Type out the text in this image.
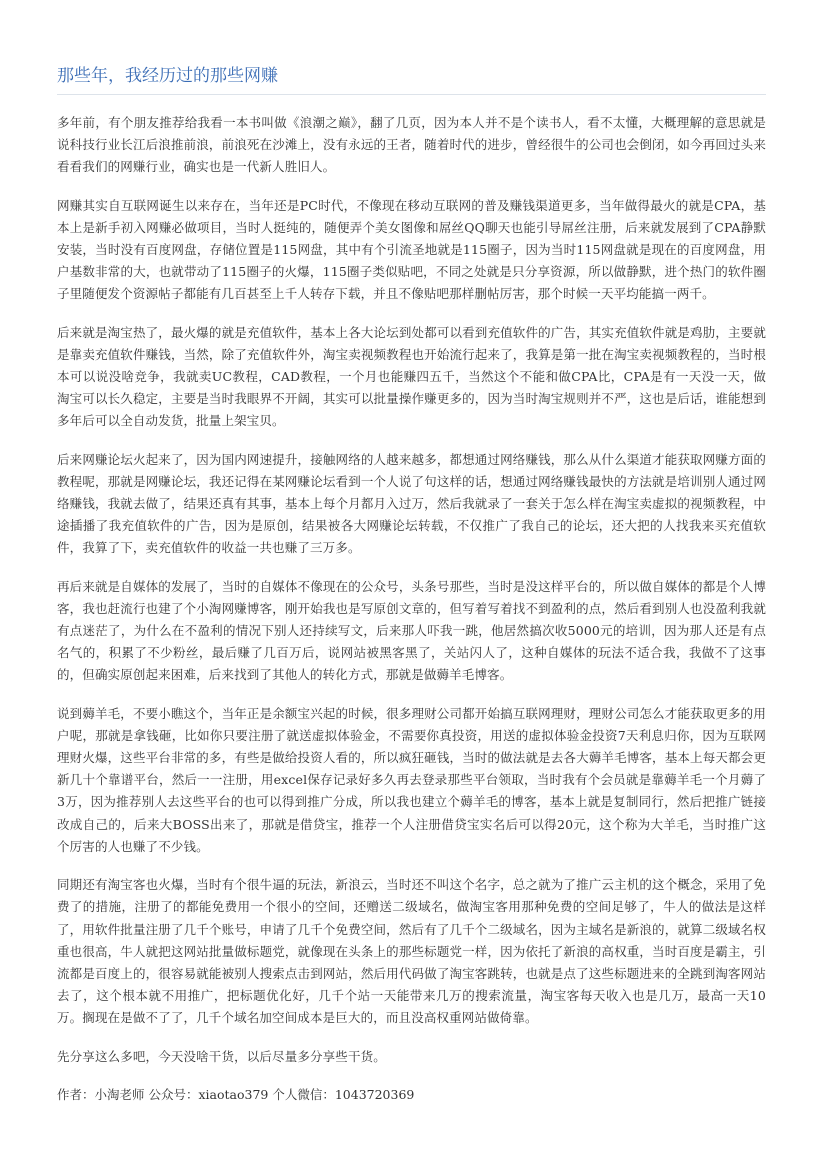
那些年，我经历过的那些网赚

多年前，有个朋友推荐给我看一本书叫做《浪潮之巅》，翻了几页，因为本人并不是个读书人，看不太懂，大概理解的意思就是说科技行业长江后浪推前浪，前浪死在沙滩上，没有永远的王者，随着时代的进步，曾经很牛的公司也会倒闭，如今再回过头来看看我们的网赚行业，确实也是一代新人胜旧人。

网赚其实自互联网诞生以来存在，当年还是PC时代，不像现在移动互联网的普及赚钱渠道更多，当年做得最火的就是CPA，基本上是新手初入网赚必做项目，当时人挺纯的，随便弄个美女图像和屌丝QQ聊天也能引导屌丝注册，后来就发展到了CPA静默安装，当时没有百度网盘，存储位置是115网盘，其中有个引流圣地就是115圈子，因为当时115网盘就是现在的百度网盘，用户基数非常的大，也就带动了115圈子的火爆，115圈子类似贴吧，不同之处就是只分享资源，所以做静默，进个热门的软件圈子里随便发个资源帖子都能有几百甚至上千人转存下载，并且不像贴吧那样删帖厉害，那个时候一天平均能搞一两千。

后来就是淘宝热了，最火爆的就是充值软件，基本上各大论坛到处都可以看到充值软件的广告，其实充值软件就是鸡肋，主要就是靠卖充值软件赚钱，当然，除了充值软件外，淘宝卖视频教程也开始流行起来了，我算是第一批在淘宝卖视频教程的，当时根本可以说没啥竞争，我就卖UC教程，CAD教程，一个月也能赚四五千，当然这个不能和做CPA比，CPA是有一天没一天，做淘宝可以长久稳定，主要是当时我眼界不开阔，其实可以批量操作赚更多的，因为当时淘宝规则并不严，这也是后话，谁能想到多年后可以全自动发货，批量上架宝贝。

后来网赚论坛火起来了，因为国内网速提升，接触网络的人越来越多，都想通过网络赚钱，那么从什么渠道才能获取网赚方面的教程呢，那就是网赚论坛，我还记得在某网赚论坛看到一个人说了句这样的话，想通过网络赚钱最快的方法就是培训别人通过网络赚钱，我就去做了，结果还真有其事，基本上每个月都月入过万，然后我就录了一套关于怎么样在淘宝卖虚拟的视频教程，中途插播了我充值软件的广告，因为是原创，结果被各大网赚论坛转载，不仅推广了我自己的论坛，还大把的人找我来买充值软件，我算了下，卖充值软件的收益一共也赚了三万多。

再后来就是自媒体的发展了，当时的自媒体不像现在的公众号，头条号那些，当时是没这样平台的，所以做自媒体的都是个人博客，我也赶流行也建了个小淘网赚博客，刚开始我也是写原创文章的，但写着写着找不到盈利的点，然后看到别人也没盈利我就有点迷茫了，为什么在不盈利的情况下别人还持续写文，后来那人吓我一跳，他居然搞次收5000元的培训，因为那人还是有点名气的，积累了不少粉丝，最后赚了几百万后，说网站被黑客黑了，关站闪人了，这种自媒体的玩法不适合我，我做不了这事的，但确实原创起来困难，后来找到了其他人的转化方式，那就是做薅羊毛博客。

说到薅羊毛，不要小瞧这个，当年正是余额宝兴起的时候，很多理财公司都开始搞互联网理财，理财公司怎么才能获取更多的用户呢，那就是拿钱砸，比如你只要注册了就送虚拟体验金，不需要你真投资，用送的虚拟体验金投资7天利息归你，因为互联网理财火爆，这些平台非常的多，有些是做给投资人看的，所以疯狂砸钱，当时的做法就是去各大薅羊毛博客，基本上每天都会更新几十个靠谱平台，然后一一注册，用excel保存记录好多久再去登录那些平台领取，当时我有个会员就是靠薅羊毛一个月薅了3万，因为推荐别人去这些平台的也可以得到推广分成，所以我也建立个薅羊毛的博客，基本上就是复制同行，然后把推广链接改成自己的，后来大BOSS出来了，那就是借贷宝，推荐一个人注册借贷宝实名后可以得20元，这个称为大羊毛，当时推广这个厉害的人也赚了不少钱。

同期还有淘宝客也火爆，当时有个很牛逼的玩法，新浪云，当时还不叫这个名字，总之就为了推广云主机的这个概念，采用了免费了的措施，注册了的都能免费用一个很小的空间，还赠送二级域名，做淘宝客用那种免费的空间足够了，牛人的做法是这样了，用软件批量注册了几千个账号，申请了几千个免费空间，然后有了几千个二级域名，因为主域名是新浪的，就算二级域名权重也很高，牛人就把这网站批量做标题党，就像现在头条上的那些标题党一样，因为依托了新浪的高权重，当时百度是霸主，引流都是百度上的，很容易就能被别人搜索点击到网站，然后用代码做了淘宝客跳转，也就是点了这些标题进来的全跳到淘客网站去了，这个根本就不用推广，把标题优化好，几千个站一天能带来几万的搜索流量，淘宝客每天收入也是几万，最高一天10万。搁现在是做不了了，几千个域名加空间成本是巨大的，而且没高权重网站做倚靠。

先分享这么多吧，今天没啥干货，以后尽量多分享些干货。

作者：小淘老师 公众号：xiaotao379 个人微信：1043720369
